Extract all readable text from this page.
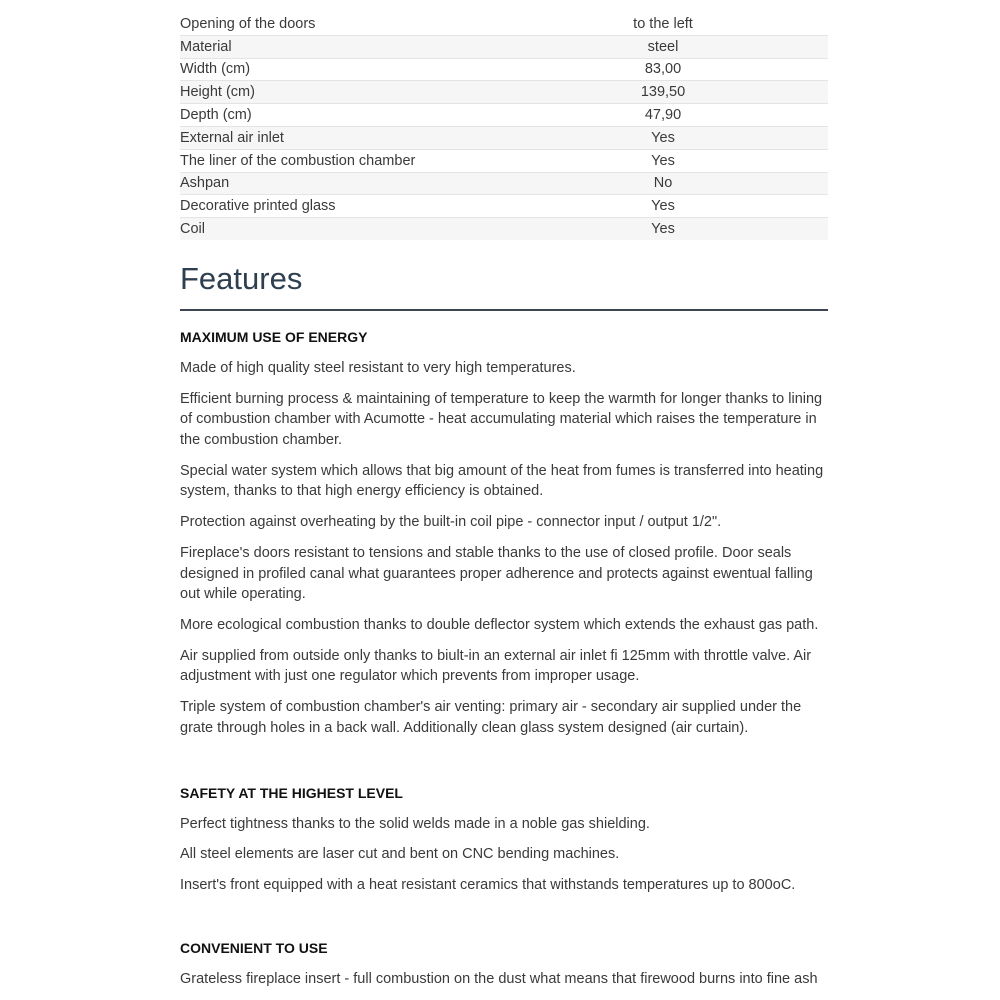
Opening of the doors	to the left
Material	steel
Width (cm)	83,00
Height (cm)	139,50
Depth (cm)	47,90
External air inlet	Yes
The liner of the combustion chamber	Yes
Ashpan	No
Decorative printed glass	Yes
Coil	Yes
Features
MAXIMUM USE OF ENERGY

Made of high quality steel resistant to very high temperatures.

Efficient burning process & maintaining of temperature to keep the warmth for longer thanks to lining of combustion chamber with Acumotte - heat accumulating material which raises the temperature in the combustion chamber.

Special water system which allows that big amount of the heat from fumes is transferred into heating system, thanks to that high energy efficiency is obtained.

Protection against overheating by the built-in coil pipe - connector input / output 1/2".

Fireplace's doors resistant to tensions and stable thanks to the use of closed profile. Door seals designed in profiled canal what guarantees proper adherence and protects against ewentual falling out while operating.

More ecological combustion thanks to double deflector system which extends the exhaust gas path.

Air supplied from outside only thanks to biult-in an external air inlet fi 125mm with throttle valve. Air adjustment with just one regulator which prevents from improper usage.

Triple system of combustion chamber's air venting: primary air - secondary air supplied under the grate through holes in a back wall. Additionally clean glass system designed (air curtain).

SAFETY AT THE HIGHEST LEVEL

Perfect tightness thanks to the solid welds made in a noble gas shielding.

All steel elements are laser cut and bent on CNC bending machines.

Insert's front equipped with a heat resistant ceramics that withstands temperatures up to 800oC.

CONVENIENT TO USE

Grateless fireplace insert - full combustion on the dust what means that firewood burns into fine ash
